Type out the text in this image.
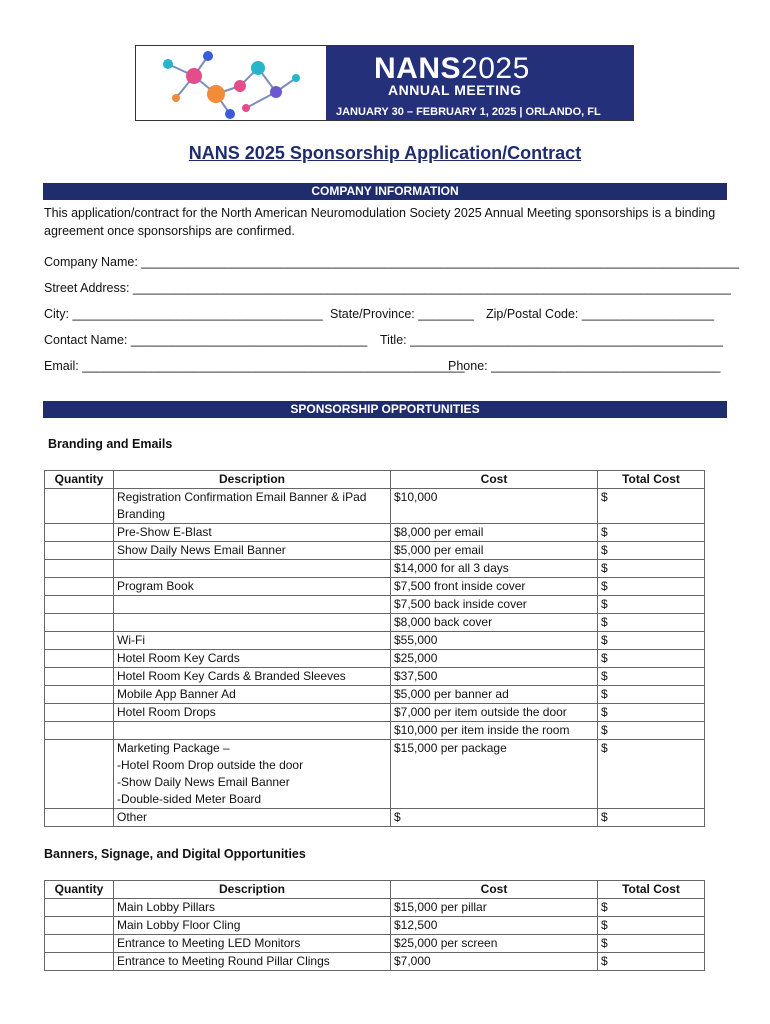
NANS2025
ANNUAL MEETING
JANUARY 30 – FEBRUARY 1, 2025 | ORLANDO, FL
NANS 2025 Sponsorship Application/Contract
COMPANY INFORMATION
This application/contract for the North American Neuromodulation Society 2025 Annual Meeting sponsorships is a binding agreement once sponsorships are confirmed.
Company Name: ______________________________________________________________________________________
Street Address: ______________________________________________________________________________________
City: ____________________________________ State/Province: ________ Zip/Postal Code: ___________________
Contact Name: __________________________________ Title: _____________________________________________
Email: _______________________________________________________
Phone: _________________________________
SPONSORSHIP OPPORTUNITIES
Branding and Emails
Quantity	Description	Cost	Total Cost
	Registration Confirmation Email Banner & iPad Branding	$10,000	$
	Pre-Show E-Blast	$8,000 per email	$
	Show Daily News Email Banner	$5,000 per email	$
		$14,000 for all 3 days	$
	Program Book	$7,500 front inside cover	$
		$7,500 back inside cover	$
		$8,000 back cover	$
	Wi-Fi	$55,000	$
	Hotel Room Key Cards	$25,000	$
	Hotel Room Key Cards & Branded Sleeves	$37,500	$
	Mobile App Banner Ad	$5,000 per banner ad	$
	Hotel Room Drops	$7,000 per item outside the door	$
		$10,000 per item inside the room	$
	Marketing Package –
-Hotel Room Drop outside the door
-Show Daily News Email Banner
-Double-sided Meter Board	$15,000 per package	$
	Other	$	$
Banners, Signage, and Digital Opportunities
Quantity	Description	Cost	Total Cost
	Main Lobby Pillars	$15,000 per pillar	$
	Main Lobby Floor Cling	$12,500	$
	Entrance to Meeting LED Monitors	$25,000 per screen	$
	Entrance to Meeting Round Pillar Clings	$7,000	$
